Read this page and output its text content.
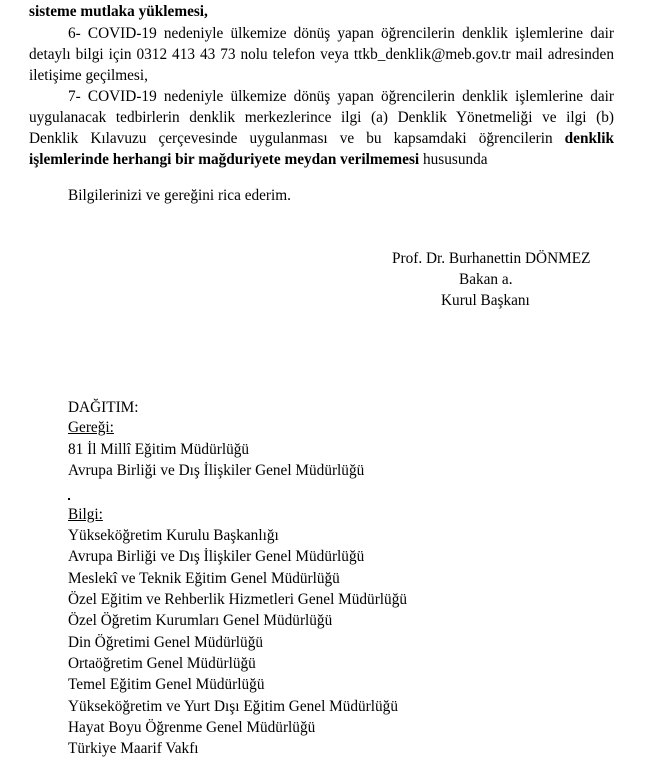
sisteme mutlaka yüklemesi,
6- COVID-19 nedeniyle ülkemize dönüş yapan öğrencilerin denklik işlemlerine dair
detaylı bilgi için 0312 413 43 73 nolu telefon veya ttkb_denklik@meb.gov.tr mail adresinden
iletişime geçilmesi,
7- COVID-19 nedeniyle ülkemize dönüş yapan öğrencilerin denklik işlemlerine dair
uygulanacak tedbirlerin denklik merkezlerince ilgi (a) Denklik Yönetmeliği ve ilgi (b)
Denklik Kılavuzu çerçevesinde uygulanması ve bu kapsamdaki öğrencilerin denklik
işlemlerinde herhangi bir mağduriyete meydan verilmemesi hususunda
Bilgilerinizi ve gereğini rica ederim.
Prof. Dr. Burhanettin DÖNMEZ
Bakan a.
Kurul Başkanı
DAĞITIM:
Gereği:
81 İl Millî Eğitim Müdürlüğü
Avrupa Birliği ve Dış İlişkiler Genel Müdürlüğü
Bilgi:
Yükseköğretim Kurulu Başkanlığı
Avrupa Birliği ve Dış İlişkiler Genel Müdürlüğü
Meslekî ve Teknik Eğitim Genel Müdürlüğü
Özel Eğitim ve Rehberlik Hizmetleri Genel Müdürlüğü
Özel Öğretim Kurumları Genel Müdürlüğü
Din Öğretimi Genel Müdürlüğü
Ortaöğretim Genel Müdürlüğü
Temel Eğitim Genel Müdürlüğü
Yükseköğretim ve Yurt Dışı Eğitim Genel Müdürlüğü
Hayat Boyu Öğrenme Genel Müdürlüğü
Türkiye Maarif Vakfı
